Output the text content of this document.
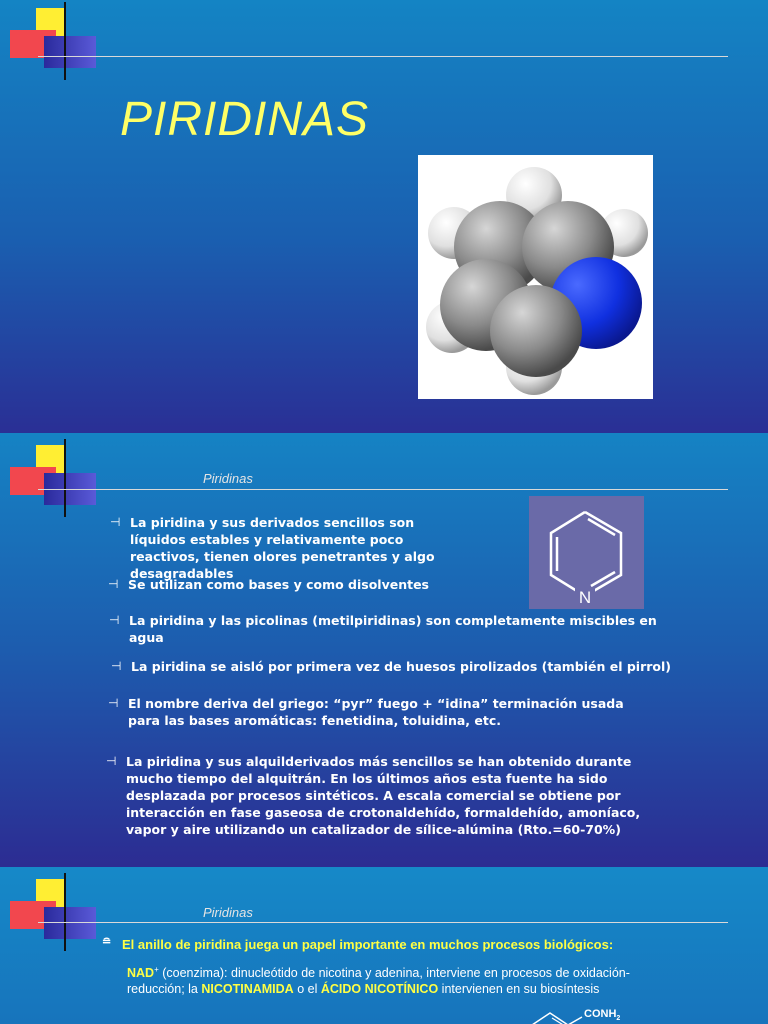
PIRIDINAS
Piridinas
N
⊣ La piridina y sus derivados sencillos son líquidos estables y relativamente poco reactivos, tienen olores penetrantes y algo desagradables
⊣ Se utilizan como bases y como disolventes
⊣ La piridina y las picolinas (metilpiridinas) son completamente miscibles en agua
⊣ La piridina se aisló por primera vez de huesos pirolizados (también el pirrol)
⊣ El nombre deriva del griego: “pyr” fuego + “idina” terminación usada para las bases aromáticas: fenetidina, toluidina, etc.
⊣ La piridina y sus alquilderivados más sencillos se han obtenido durante mucho tiempo del alquitrán. En los últimos años esta fuente ha sido desplazada por procesos sintéticos. A escala comercial se obtiene por interacción en fase gaseosa de crotonaldehído, formaldehído, amoníaco, vapor y aire utilizando un catalizador de sílice-alúmina (Rto.=60-70%)
Piridinas
≘ El anillo de piridina juega un papel importante en muchos procesos biológicos:
NAD+ (coenzima): dinucleótido de nicotina y adenina, interviene en procesos de oxidación-reducción; la NICOTINAMIDA o el ÁCIDO NICOTÍNICO intervienen en su biosíntesis
$CONH_2$
